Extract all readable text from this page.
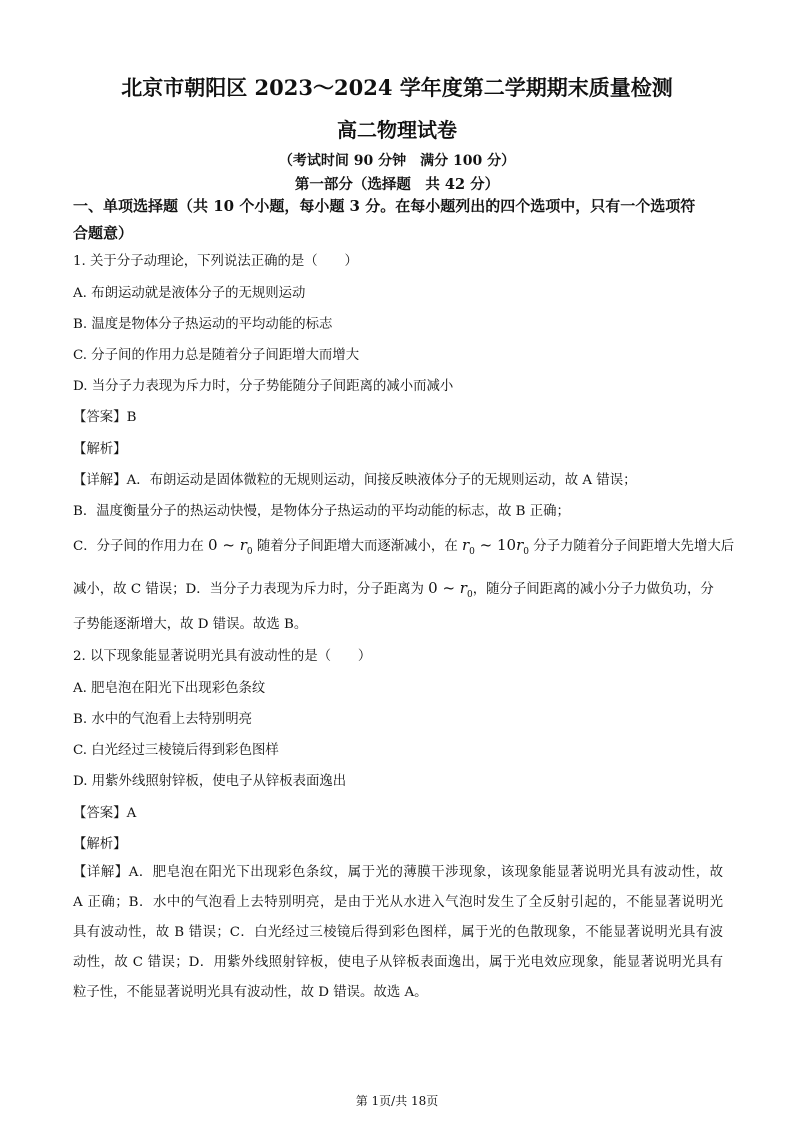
北京市朝阳区 2023～2024 学年度第二学期期末质量检测
高二物理试卷
（考试时间 90 分钟　满分 100 分）
第一部分（选择题　共 42 分）
一、单项选择题（共 10 个小题，每小题 3 分。在每小题列出的四个选项中，只有一个选项符
合题意）
1. 关于分子动理论，下列说法正确的是（　　）
A. 布朗运动就是液体分子的无规则运动
B. 温度是物体分子热运动的平均动能的标志
C. 分子间的作用力总是随着分子间距增大而增大
D. 当分子力表现为斥力时，分子势能随分子间距离的减小而减小
【答案】B
【解析】
【详解】A．布朗运动是固体微粒的无规则运动，间接反映液体分子的无规则运动，故 A 错误；
B．温度衡量分子的热运动快慢，是物体分子热运动的平均动能的标志，故 B 正确；
C．分子间的作用力在 0 ~ $r_0$ 随着分子间距增大而逐渐减小，在 $r_0$ ~ $10r_0$ 分子力随着分子间距增大先增大后
减小，故 C 错误；D．当分子力表现为斥力时，分子距离为 0 ~ $r_0$，随分子间距离的减小分子力做负功，分
子势能逐渐增大，故 D 错误。故选 B。
2. 以下现象能显著说明光具有波动性的是（　　）
A. 肥皂泡在阳光下出现彩色条纹
B. 水中的气泡看上去特别明亮
C. 白光经过三棱镜后得到彩色图样
D. 用紫外线照射锌板，使电子从锌板表面逸出
【答案】A
【解析】
【详解】A．肥皂泡在阳光下出现彩色条纹，属于光的薄膜干涉现象，该现象能显著说明光具有波动性，故
A 正确；B．水中的气泡看上去特别明亮，是由于光从水进入气泡时发生了全反射引起的，不能显著说明光
具有波动性，故 B 错误；C．白光经过三棱镜后得到彩色图样，属于光的色散现象，不能显著说明光具有波
动性，故 C 错误；D．用紫外线照射锌板，使电子从锌板表面逸出，属于光电效应现象，能显著说明光具有
粒子性，不能显著说明光具有波动性，故 D 错误。故选 A。
第 1页/共 18页
